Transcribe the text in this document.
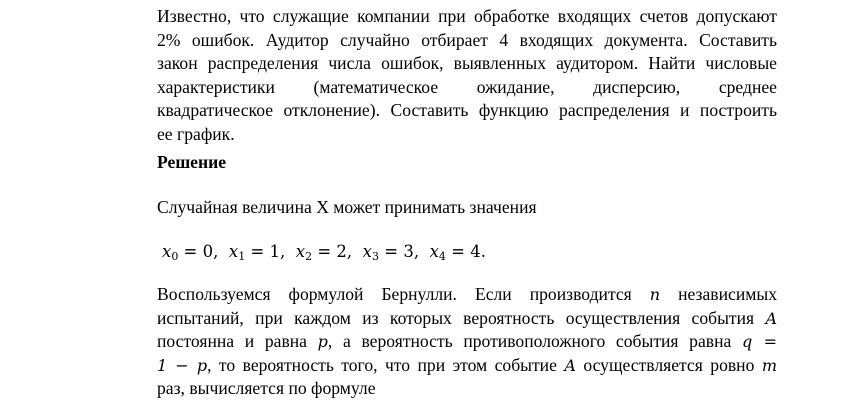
Известно, что служащие компании при обработке входящих счетов допускают
2% ошибок. Аудитор случайно отбирает 4 входящих документа. Составить
закон распределения числа ошибок, выявленных аудитором. Найти числовые
характеристики (математическое ожидание, дисперсию, среднее
квадратическое отклонение). Составить функцию распределения и построить
ее график.

Решение

Случайная величина X может принимать значения

$x_0 = 0$, $x_1 = 1$, $x_2 = 2$, $x_3 = 3$, $x_4 = 4$.

Воспользуемся формулой Бернулли. Если производится n независимых
испытаний, при каждом из которых вероятность осуществления события A
постоянна и равна p, а вероятность противоположного события равна q =
1 − p, то вероятность того, что при этом событие A осуществляется ровно m
раз, вычисляется по формуле
